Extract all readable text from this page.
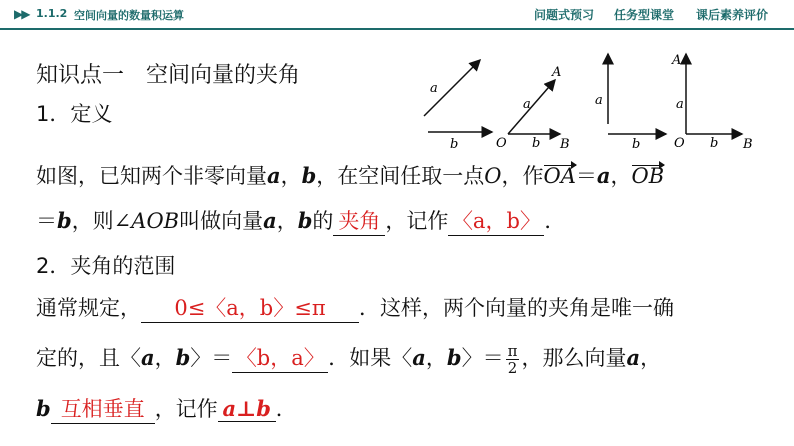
▶▶ 1.1.2 空间向量的数量积运算	问题式预习 任务型课堂 课后素养评价
知识点一　空间向量的夹角
1．定义
a
b
A
a
O b B
a
b
A
a
O b B
如图，已知两个非零向量a，b，在空间任取一点O，作OA＝a，OB
＝b，则∠AOB叫做向量a，b的 夹角 ，记作 〈a，b〉 ．
2．夹角的范围
通常规定， 0≤〈a，b〉≤π ．这样，两个向量的夹角是唯一确
定的，且〈a，b〉＝ 〈b，a〉 ．如果〈a，b〉＝ $\frac{\pi}{2}$ ，那么向量a，
b 互相垂直 ，记作 a⊥b ．
